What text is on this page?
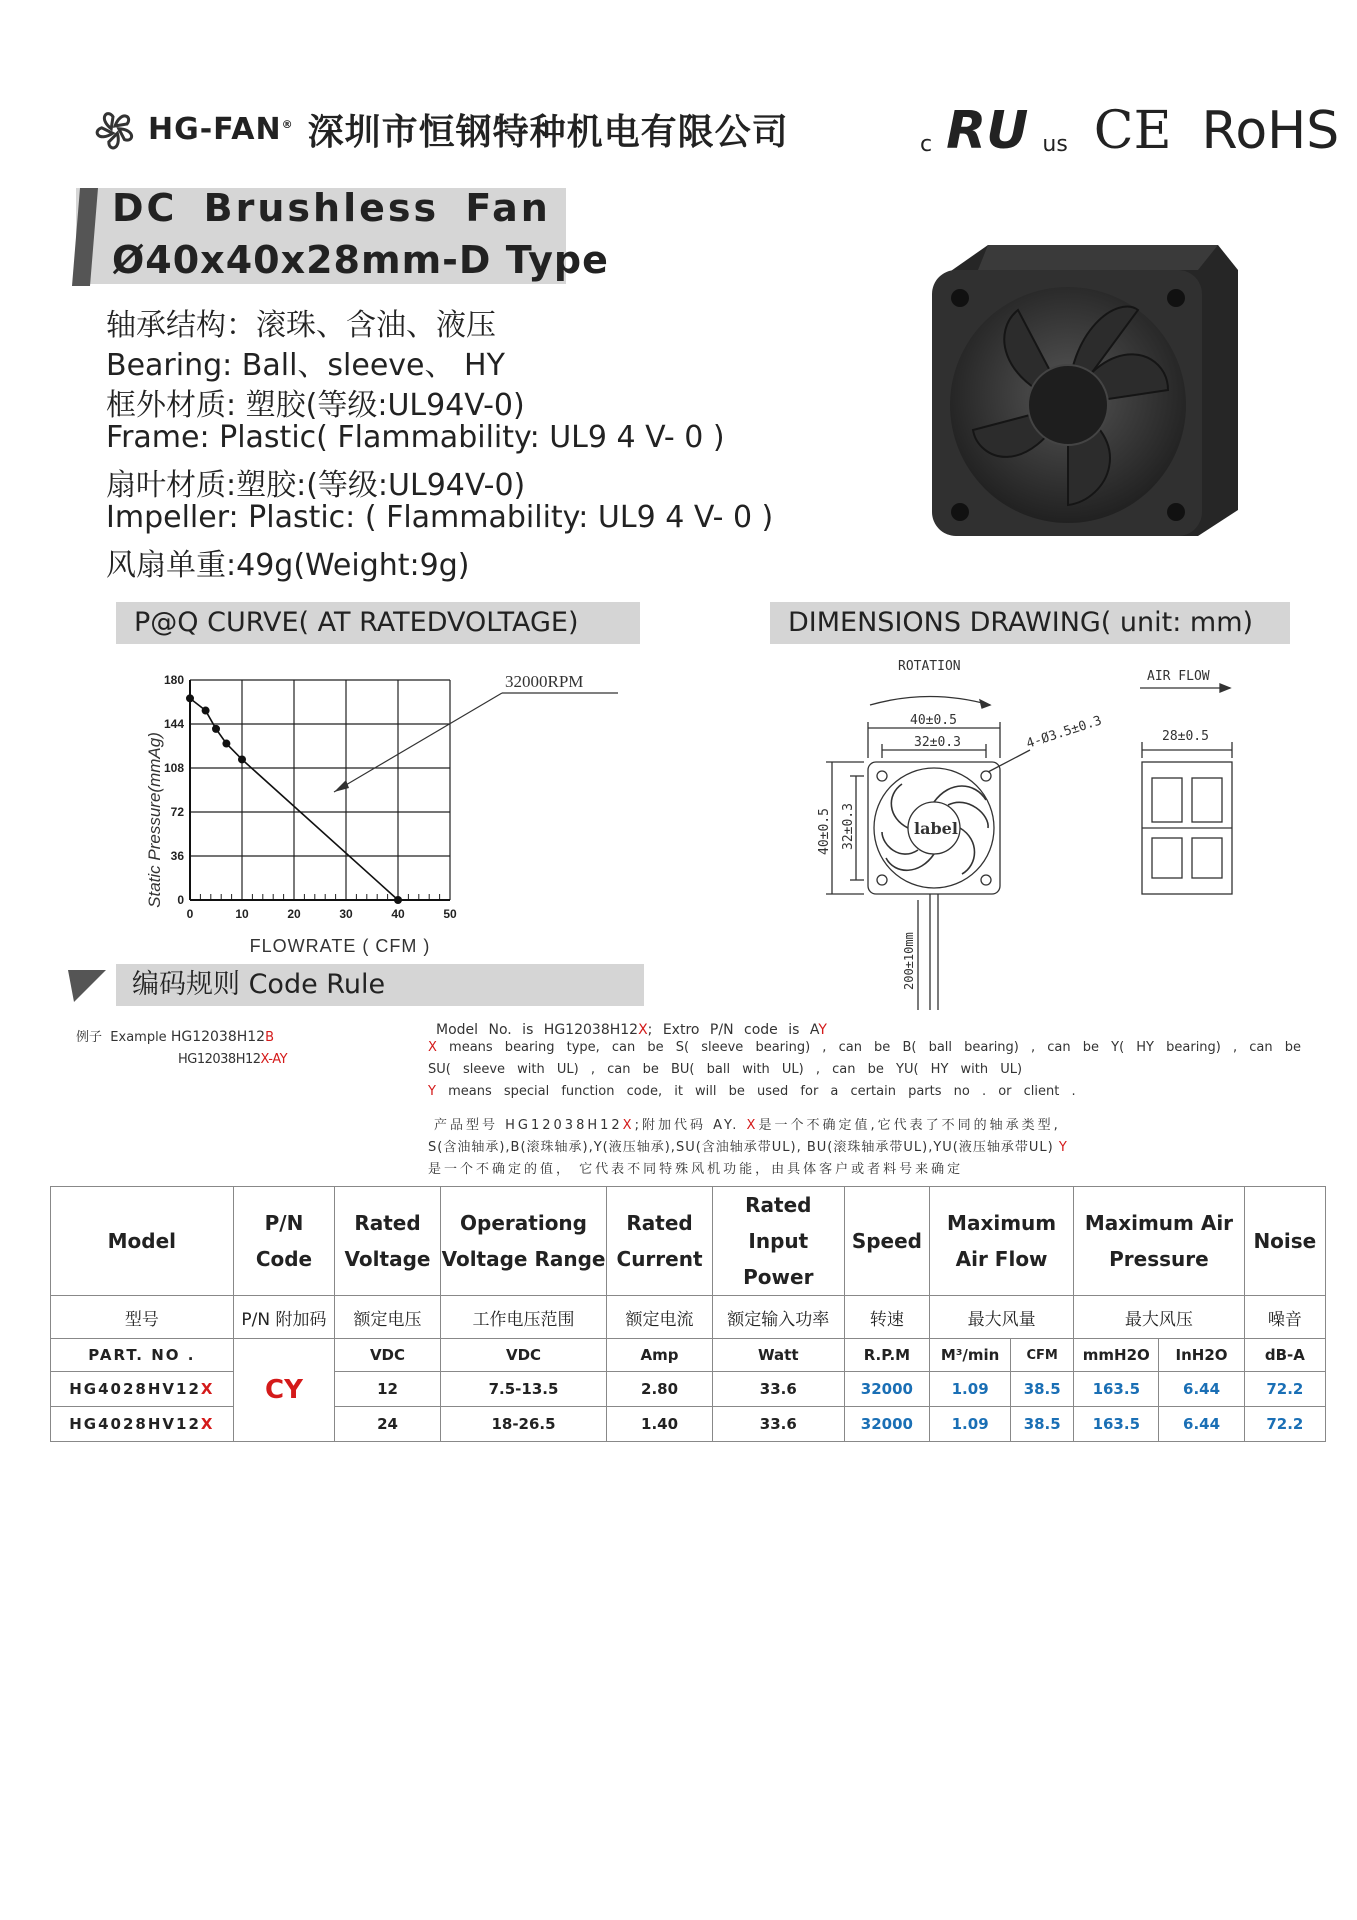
HG-FAN® 深圳市恒钢特种机电有限公司	c RU us CE RoHS
DC Brushless Fan
Ø40x40x28mm-D Type
轴承结构：滚珠、含油、液压
Bearing: Ball、sleeve、 HY
框外材质: 塑胶(等级:UL94V-0)
Frame: Plastic( Flammability: UL9 4 V- 0 )
扇叶材质:塑胶:(等级:UL94V-0)
Impeller: Plastic: ( Flammability: UL9 4 V- 0 )
风扇单重:49g(Weight:9g)
P@Q CURVE( AT RATEDVOLTAGE)	DIMENSIONS DRAWING( unit: mm)
0	10	20	30	40	50
0
36
72
108
144
180
Static Pressure(mmAg)
FLOWRATE ( CFM )
32000RPM
ROTATION
AIR FLOW
40±0.5
32±0.3	4-Ø3.5±0.3	28±0.5
40±0.5 32±0.3
200±10mm
label
编码规则 Code Rule
例子 Example HG12038H12B
HG12038H12X-AY
Model No. is HG12038H12X; Extro P/N code is AY
X means bearing type, can be S( sleeve bearing) , can be B( ball bearing) , can be Y( HY bearing) , can be
SU( sleeve with UL) , can be BU( ball with UL) , can be YU( HY with UL)
Y means special function code, it will be used for a certain parts no . or client .
产品型号 HG12038H12X;附加代码 AY. X是一个不确定值,它代表了不同的轴承类型,
S(含油轴承),B(滚珠轴承),Y(液压轴承),SU(含油轴承带UL), BU(滚珠轴承带UL),YU(液压轴承带UL) Y
是一个不确定的值， 它代表不同特殊风机功能，由具体客户或者料号来确定
Model	P/N Code	Rated Voltage	Operationg Voltage Range	Rated Current	Rated Input Power	Speed	Maximum Air Flow		Maximum Air Pressure		Noise
型号	P/N 附加码	额定电压	工作电压范围	额定电流	额定输入功率	转速	最大风量		最大风压		噪音
PART. NO .	CY	VDC	VDC	Amp	Watt	R.P.M	M³/min	CFM	mmH2O	InH2O	dB-A
HG4028HV12X		12	7.5-13.5	2.80	33.6	32000	1.09	38.5	163.5	6.44	72.2
HG4028HV12X		24	18-26.5	1.40	33.6	32000	1.09	38.5	163.5	6.44	72.2
